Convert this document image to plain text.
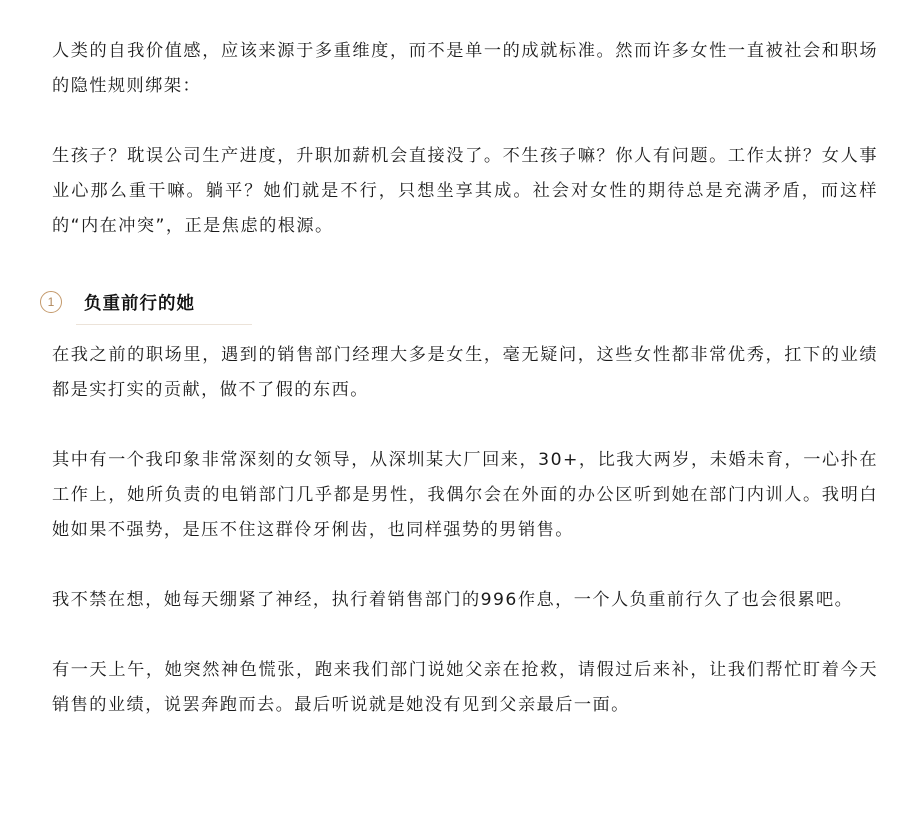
人类的自我价值感，应该来源于多重维度，而不是单一的成就标准。然而许多女性一直被社会和职场的隐性规则绑架：

生孩子？耽误公司生产进度，升职加薪机会直接没了。不生孩子嘛？你人有问题。工作太拼？女人事业心那么重干嘛。躺平？她们就是不行，只想坐享其成。社会对女性的期待总是充满矛盾，而这样的“内在冲突”，正是焦虑的根源。

1	负重前行的她

在我之前的职场里，遇到的销售部门经理大多是女生，毫无疑问，这些女性都非常优秀，扛下的业绩都是实打实的贡献，做不了假的东西。

其中有一个我印象非常深刻的女领导，从深圳某大厂回来，30+，比我大两岁，未婚未育，一心扑在工作上，她所负责的电销部门几乎都是男性，我偶尔会在外面的办公区听到她在部门内训人。我明白她如果不强势，是压不住这群伶牙俐齿，也同样强势的男销售。

我不禁在想，她每天绷紧了神经，执行着销售部门的996作息，一个人负重前行久了也会很累吧。

有一天上午，她突然神色慌张，跑来我们部门说她父亲在抢救，请假过后来补，让我们帮忙盯着今天销售的业绩，说罢奔跑而去。最后听说就是她没有见到父亲最后一面。
